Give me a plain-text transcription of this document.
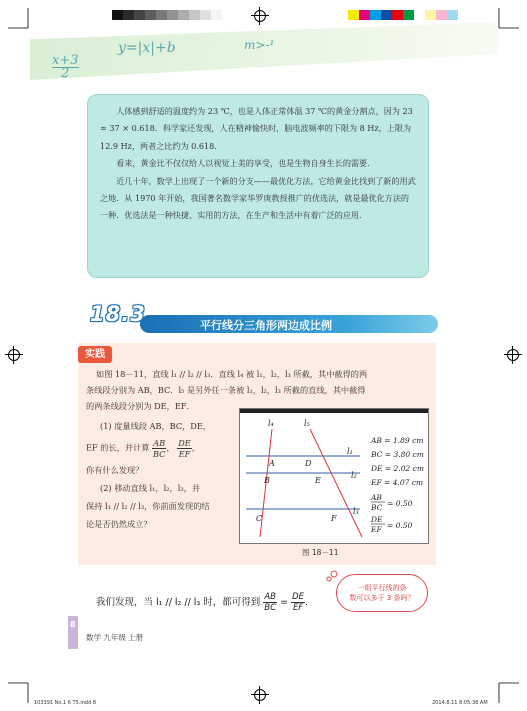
x+3
2
y=|x|+b	m>-¹

人体感到舒适的温度约为 23 ℃，也是人体正常体温 37 ℃的黄金分割点，因为 23 ≈ 37 × 0.618．科学家还发现，人在精神愉快时，脑电波频率的下限为 8 Hz，上限为 12.9 Hz，两者之比约为 0.618．

看来，黄金比不仅仅给人以视觉上美的享受，也是生物自身生长的需要．

近几十年，数学上出现了一个新的分支——最优化方法，它给黄金比找到了新的用武之地．从 1970 年开始，我国著名数学家华罗庚教授推广的优选法，就是最优化方法的一种．优选法是一种快捷、实用的方法，在生产和生活中有着广泛的应用．

18.3	平行线分三角形两边成比例
实践
如图 18－11，直线 l₁ // l₂ // l₃．直线 l₄ 被 l₁，l₂，l₃ 所截，其中截得的两
条线段分别为 AB，BC．l₅ 是另外任一条被 l₁，l₂，l₃ 所截的直线，其中截得
的两条线段分别为 DE，EF．
(1) 度量线段 AB，BC，DE，
EF 的长，并计算 $\frac{AB}{BC}$ ， $\frac{DE}{EF}$ ，
你有什么发现？
(2) 移动直线 l₁，l₂，l₃，并
保持 l₁ // l₂ // l₃，你前面发现的结
论是否仍然成立？
l₄	l₅
l₁
l₂
l₃
A	D
B	E
C	F
AB = 1.89 cm
BC = 3.80 cm
DE = 2.02 cm
EF = 4.07 cm
AB
BC = 0.50
DE
EF = 0.50
图 18－11
我们发现，当 l₁ // l₂ // l₃ 时，都可得到 $\frac{AB}{BC} = \frac{DE}{EF}$ .
一组平行线的条
数可以多于 3 条吗？
8
数学 九年级 上册
103391 No.1 6 T5.indd 8	2014.8.11 8:05:38 AM
